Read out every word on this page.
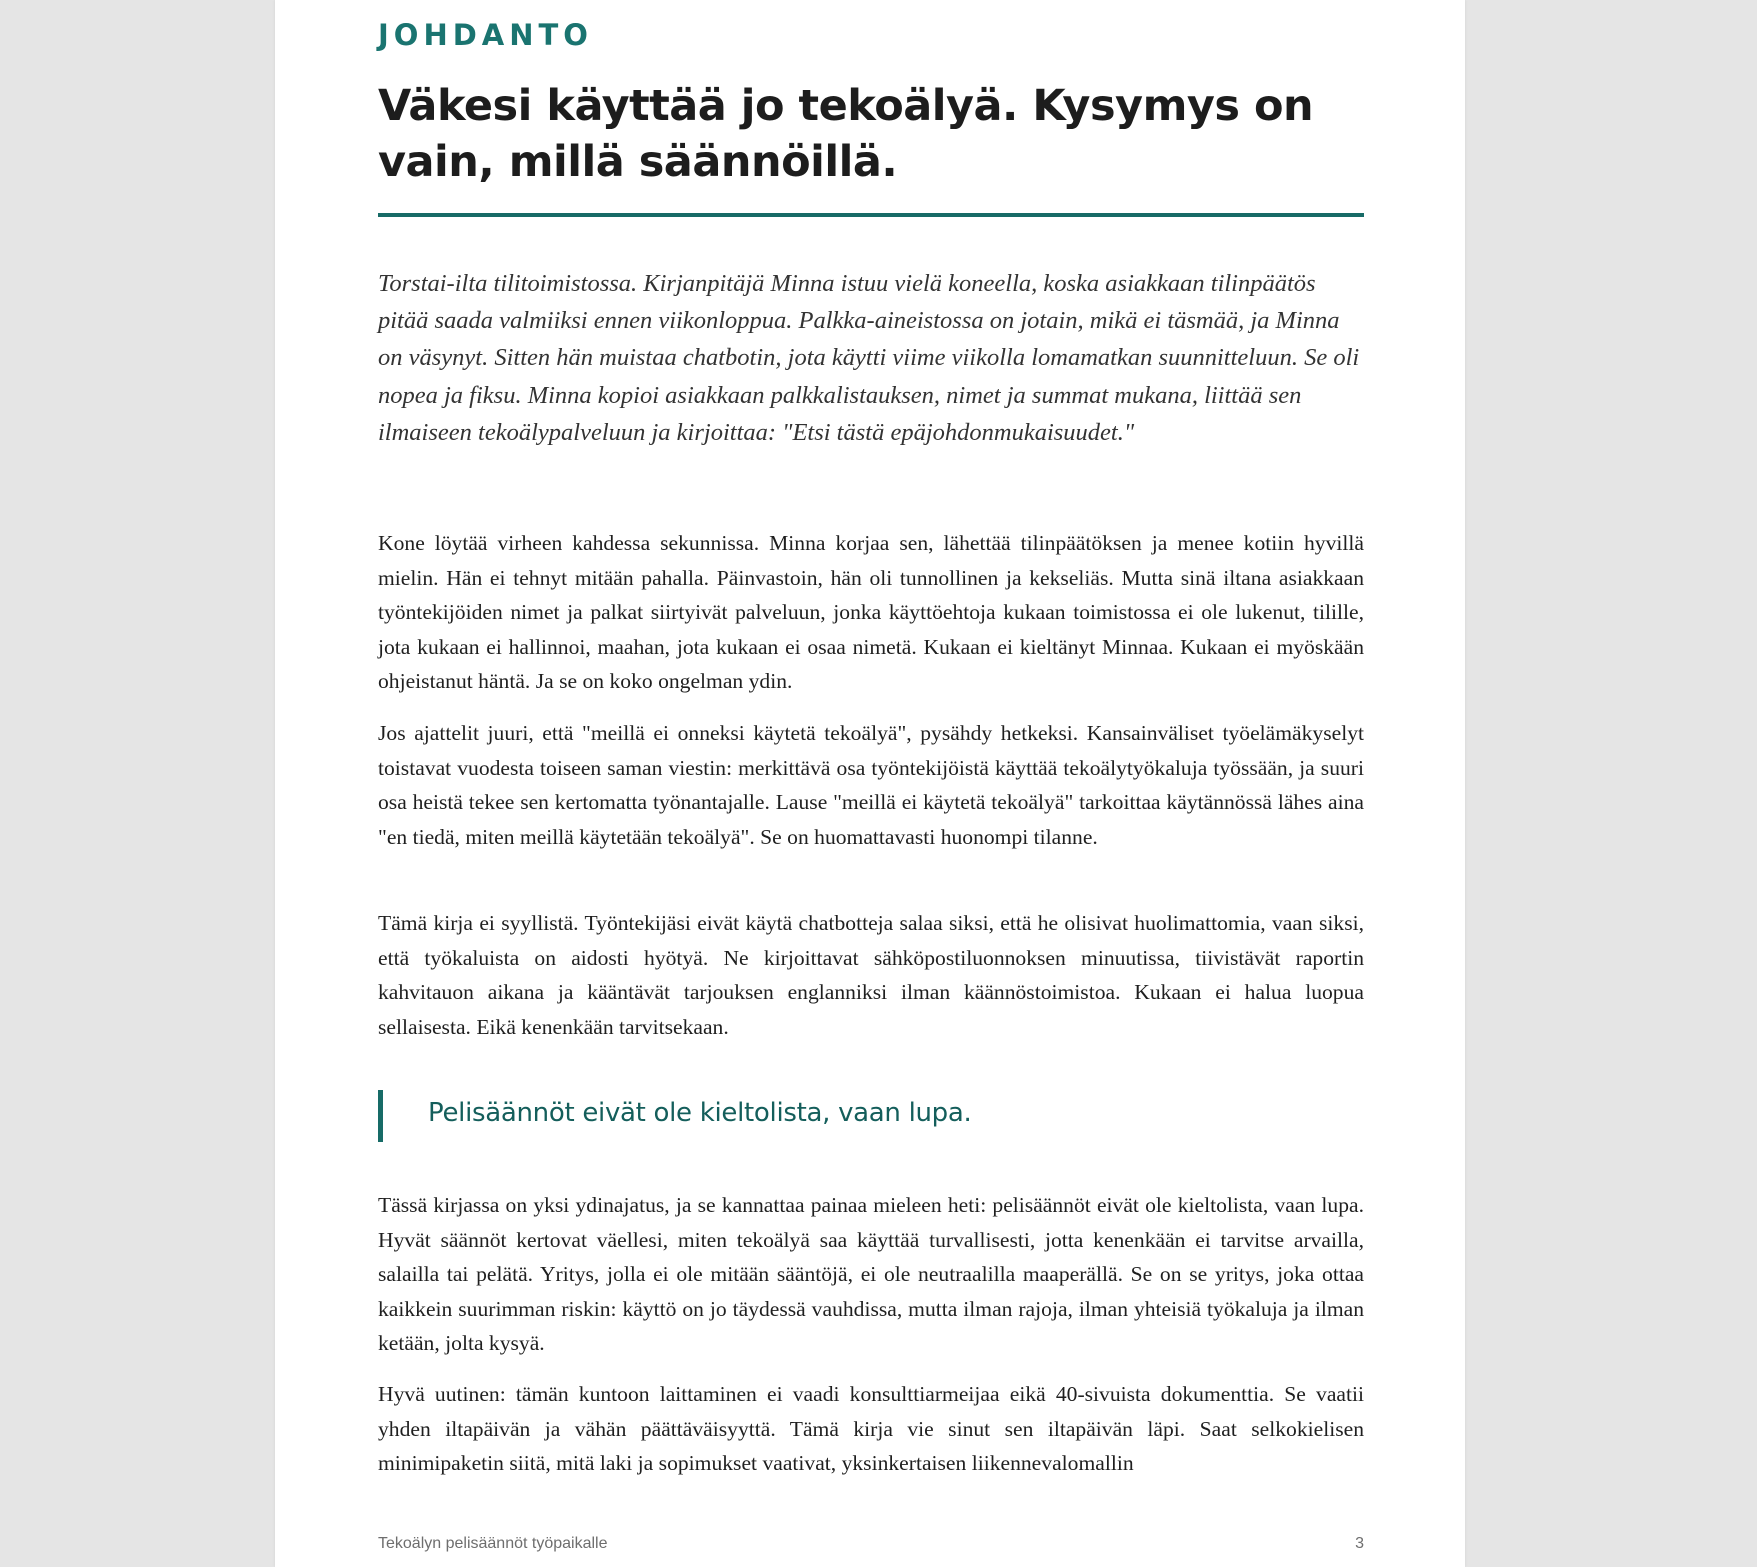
JOHDANTO
Väkesi käyttää jo tekoälyä. Kysymys on vain, millä säännöillä.

Torstai-ilta tilitoimistossa. Kirjanpitäjä Minna istuu vielä koneella, koska asiakkaan tilinpäätös pitää saada valmiiksi ennen viikonloppua. Palkka-aineistossa on jotain, mikä ei täsmää, ja Minna on väsynyt. Sitten hän muistaa chatbotin, jota käytti viime viikolla lomamatkan suunnitteluun. Se oli nopea ja fiksu. Minna kopioi asiakkaan palkkalistauksen, nimet ja summat mukana, liittää sen ilmaiseen tekoälypalveluun ja kirjoittaa: "Etsi tästä epäjohdonmukaisuudet."

Kone löytää virheen kahdessa sekunnissa. Minna korjaa sen, lähettää tilinpäätöksen ja menee kotiin hyvillä mielin. Hän ei tehnyt mitään pahalla. Päinvastoin, hän oli tunnollinen ja kekseliäs. Mutta sinä iltana asiakkaan työntekijöiden nimet ja palkat siirtyivät palveluun, jonka käyttöehtoja kukaan toimistossa ei ole lukenut, tilille, jota kukaan ei hallinnoi, maahan, jota kukaan ei osaa nimetä. Kukaan ei kieltänyt Minnaa. Kukaan ei myöskään ohjeistanut häntä. Ja se on koko ongelman ydin.

Jos ajattelit juuri, että "meillä ei onneksi käytetä tekoälyä", pysähdy hetkeksi. Kansainväliset työelämäkyselyt toistavat vuodesta toiseen saman viestin: merkittävä osa työntekijöistä käyttää tekoälytyökaluja työssään, ja suuri osa heistä tekee sen kertomatta työnantajalle. Lause "meillä ei käytetä tekoälyä" tarkoittaa käytännössä lähes aina "en tiedä, miten meillä käytetään tekoälyä". Se on huomattavasti huonompi tilanne.

Tämä kirja ei syyllistä. Työntekijäsi eivät käytä chatbotteja salaa siksi, että he olisivat huolimattomia, vaan siksi, että työkaluista on aidosti hyötyä. Ne kirjoittavat sähköpostiluonnoksen minuutissa, tiivistävät raportin kahvitauon aikana ja kääntävät tarjouksen englanniksi ilman käännöstoimistoa. Kukaan ei halua luopua sellaisesta. Eikä kenenkään tarvitsekaan.

Pelisäännöt eivät ole kieltolista, vaan lupa.

Tässä kirjassa on yksi ydinajatus, ja se kannattaa painaa mieleen heti: pelisäännöt eivät ole kieltolista, vaan lupa. Hyvät säännöt kertovat väellesi, miten tekoälyä saa käyttää turvallisesti, jotta kenenkään ei tarvitse arvailla, salailla tai pelätä. Yritys, jolla ei ole mitään sääntöjä, ei ole neutraalilla maaperällä. Se on se yritys, joka ottaa kaikkein suurimman riskin: käyttö on jo täydessä vauhdissa, mutta ilman rajoja, ilman yhteisiä työkaluja ja ilman ketään, jolta kysyä.

Hyvä uutinen: tämän kuntoon laittaminen ei vaadi konsulttiarmeijaa eikä 40-sivuista dokumenttia. Se vaatii yhden iltapäivän ja vähän päättäväisyyttä. Tämä kirja vie sinut sen iltapäivän läpi. Saat selkokielisen minimipaketin siitä, mitä laki ja sopimukset vaativat, yksinkertaisen liikennevalomallin

Tekoälyn pelisäännöt työpaikalle	3
